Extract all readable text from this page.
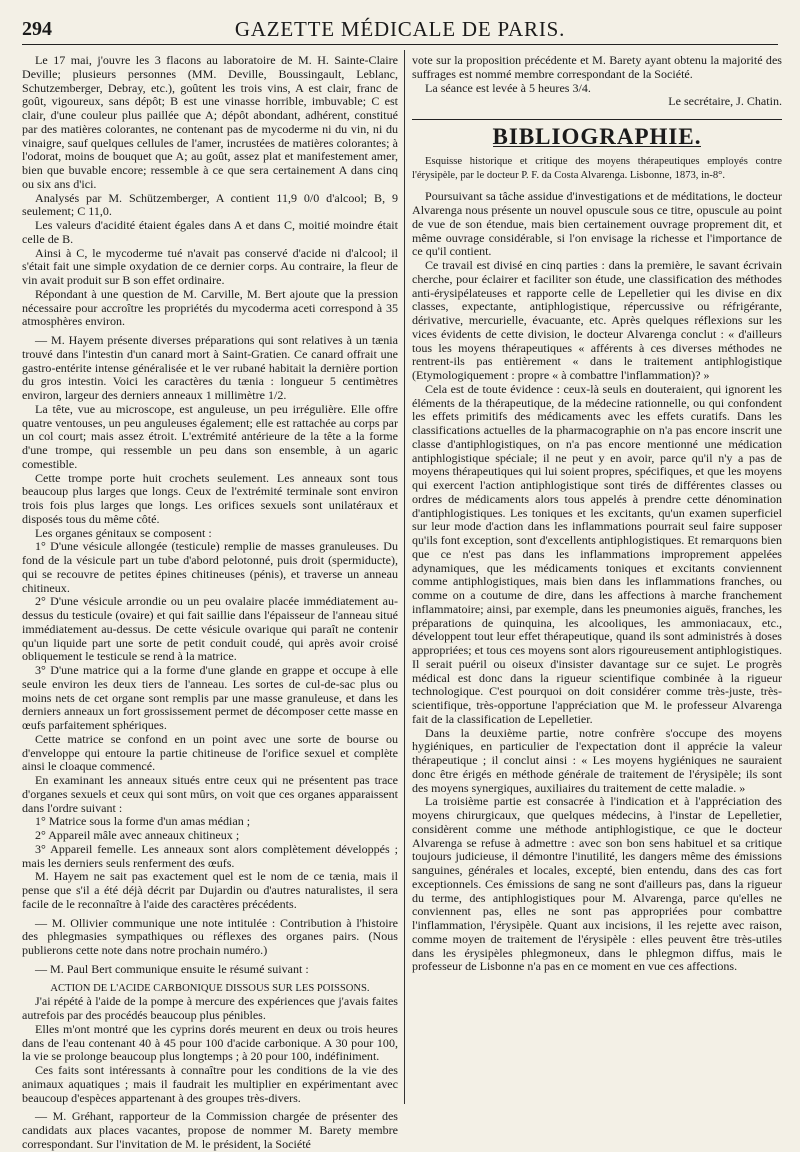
294	GAZETTE MÉDICALE DE PARIS.

Le 17 mai, j'ouvre les 3 flacons au laboratoire de M. H. Sainte-Claire Deville; plusieurs personnes (MM. Deville, Boussingault, Leblanc, Schutzemberger, Debray, etc.), goûtent les trois vins, A est clair, franc de goût, vigoureux, sans dépôt; B est une vinasse horrible, imbuvable; C est clair, d'une couleur plus paillée que A; dépôt abondant, adhérent, constitué par des matières colorantes, ne contenant pas de mycoderme ni du vin, ni du vinaigre, sauf quelques cellules de l'amer, incrustées de matières colorantes; à l'odorat, moins de bouquet que A; au goût, assez plat et manifestement amer, bien que buvable encore; ressemble à ce que sera certainement A dans cinq ou six ans d'ici.

Analysés par M. Schützemberger, A contient 11,9 0/0 d'alcool; B, 9 seulement; C 11,0.

Les valeurs d'acidité étaient égales dans A et dans C, moitié moindre était celle de B.

Ainsi à C, le mycoderme tué n'avait pas conservé d'acide ni d'alcool; il s'était fait une simple oxydation de ce dernier corps. Au contraire, la fleur de vin avait produit sur B son effet ordinaire.

Répondant à une question de M. Carville, M. Bert ajoute que la pression nécessaire pour accroître les propriétés du mycoderma aceti correspond à 35 atmosphères environ.

— M. Hayem présente diverses préparations qui sont relatives à un tænia trouvé dans l'intestin d'un canard mort à Saint-Gratien. Ce canard offrait une gastro-entérite intense généralisée et le ver rubané habitait la dernière portion du gros intestin. Voici les caractères du tænia : longueur 5 centimètres environ, largeur des derniers anneaux 1 millimètre 1/2.

La tête, vue au microscope, est anguleuse, un peu irrégulière. Elle offre quatre ventouses, un peu anguleuses également; elle est rattachée au corps par un col court; mais assez étroit. L'extrémité antérieure de la tête a la forme d'une trompe, qui ressemble un peu dans son ensemble, à un agaric comestible.

Cette trompe porte huit crochets seulement. Les anneaux sont tous beaucoup plus larges que longs. Ceux de l'extrémité terminale sont environ trois fois plus larges que longs. Les orifices sexuels sont unilatéraux et disposés tous du même côté.

Les organes génitaux se composent :

1° D'une vésicule allongée (testicule) remplie de masses granuleuses. Du fond de la vésicule part un tube d'abord pelotonné, puis droit (spermiducte), qui se recouvre de petites épines chitineuses (pénis), et traverse un anneau chitineux.

2° D'une vésicule arrondie ou un peu ovalaire placée immédiatement au-dessus du testicule (ovaire) et qui fait saillie dans l'épaisseur de l'anneau situé immédiatement au-dessus. De cette vésicule ovarique qui paraît ne contenir qu'un liquide part une sorte de petit conduit coudé, qui après avoir croisé obliquement le testicule se rend à la matrice.

3° D'une matrice qui a la forme d'une glande en grappe et occupe à elle seule environ les deux tiers de l'anneau. Les sortes de cul-de-sac plus ou moins nets de cet organe sont remplis par une masse granuleuse, et dans les derniers anneaux un fort grossissement permet de décomposer cette masse en œufs parfaitement sphériques.

Cette matrice se confond en un point avec une sorte de bourse ou d'enveloppe qui entoure la partie chitineuse de l'orifice sexuel et complète ainsi le cloaque commencé.

En examinant les anneaux situés entre ceux qui ne présentent pas trace d'organes sexuels et ceux qui sont mûrs, on voit que ces organes apparaissent dans l'ordre suivant :

1° Matrice sous la forme d'un amas médian ;

2° Appareil mâle avec anneaux chitineux ;

3° Appareil femelle. Les anneaux sont alors complètement développés ; mais les derniers seuls renferment des œufs.

M. Hayem ne sait pas exactement quel est le nom de ce tænia, mais il pense que s'il a été déjà décrit par Dujardin ou d'autres naturalistes, il sera facile de le reconnaître à l'aide des caractères précédents.

— M. Ollivier communique une note intitulée : Contribution à l'histoire des phlegmasies sympathiques ou réflexes des organes pairs. (Nous publierons cette note dans notre prochain numéro.)

— M. Paul Bert communique ensuite le résumé suivant :

ACTION DE L'ACIDE CARBONIQUE DISSOUS SUR LES POISSONS.

J'ai répété à l'aide de la pompe à mercure des expériences que j'avais faites autrefois par des procédés beaucoup plus pénibles.

Elles m'ont montré que les cyprins dorés meurent en deux ou trois heures dans de l'eau contenant 40 à 45 pour 100 d'acide carbonique. A 30 pour 100, la vie se prolonge beaucoup plus longtemps ; à 20 pour 100, indéfiniment.

Ces faits sont intéressants à connaître pour les conditions de la vie des animaux aquatiques ; mais il faudrait les multiplier en expérimentant avec beaucoup d'espèces appartenant à des groupes très-divers.

— M. Gréhant, rapporteur de la Commission chargée de présenter des candidats aux places vacantes, propose de nommer M. Barety membre correspondant. Sur l'invitation de M. le président, la Société

vote sur la proposition précédente et M. Barety ayant obtenu la majorité des suffrages est nommé membre correspondant de la Société.

La séance est levée à 5 heures 3/4.

Le secrétaire, J. Chatin.

BIBLIOGRAPHIE.

Esquisse historique et critique des moyens thérapeutiques employés contre l'érysipèle, par le docteur P. F. da Costa Alvarenga. Lisbonne, 1873, in-8°.

Poursuivant sa tâche assidue d'investigations et de méditations, le docteur Alvarenga nous présente un nouvel opuscule sous ce titre, opuscule au point de vue de son étendue, mais bien certainement ouvrage proprement dit, et même ouvrage considérable, si l'on envisage la richesse et l'importance de ce qu'il contient.

Ce travail est divisé en cinq parties : dans la première, le savant écrivain cherche, pour éclairer et faciliter son étude, une classification des méthodes anti-érysipélateuses et rapporte celle de Lepelletier qui les divise en dix classes, expectante, antiphlogistique, répercussive ou réfrigérante, dérivative, mercurielle, évacuante, etc. Après quelques réflexions sur les vices évidents de cette division, le docteur Alvarenga conclut : « d'ailleurs tous les moyens thérapeutiques « afférents à ces diverses méthodes ne rentrent-ils pas entièrement « dans le traitement antiphlogistique (Etymologiquement : propre « à combattre l'inflammation)? »

Cela est de toute évidence : ceux-là seuls en douteraient, qui ignorent les éléments de la thérapeutique, de la médecine rationnelle, ou qui confondent les effets primitifs des médicaments avec les effets curatifs. Dans les classifications actuelles de la pharmacographie on n'a pas encore inscrit une classe d'antiphlogistiques, on n'a pas encore mentionné une médication antiphlogistique spéciale; il ne peut y en avoir, parce qu'il n'y a pas de moyens thérapeutiques qui lui soient propres, spécifiques, et que les moyens qui exercent l'action antiphlogistique sont tirés de différentes classes ou ordres de médicaments alors tous appelés à prendre cette dénomination d'antiphlogistiques. Les toniques et les excitants, qu'un examen superficiel sur leur mode d'action dans les inflammations pourrait seul faire supposer qu'ils font exception, sont d'excellents antiphlogistiques. Et remarquons bien que ce n'est pas dans les inflammations improprement appelées adynamiques, que les médicaments toniques et excitants conviennent comme antiphlogistiques, mais bien dans les inflammations franches, ou comme on a coutume de dire, dans les affections à marche franchement inflammatoire; ainsi, par exemple, dans les pneumonies aiguës, franches, les préparations de quinquina, les alcooliques, les ammoniacaux, etc., développent tout leur effet thérapeutique, quand ils sont administrés à doses appropriées; et tous ces moyens sont alors rigoureusement antiphlogistiques. Il serait puéril ou oiseux d'insister davantage sur ce sujet. Le progrès médical est donc dans la rigueur scientifique combinée à la rigueur technologique. C'est pourquoi on doit considérer comme très-juste, très-scientifique, très-opportune l'appréciation que M. le professeur Alvarenga fait de la classification de Lepelletier.

Dans la deuxième partie, notre confrère s'occupe des moyens hygiéniques, en particulier de l'expectation dont il apprécie la valeur thérapeutique ; il conclut ainsi : « Les moyens hygiéniques ne sauraient donc être érigés en méthode générale de traitement de l'érysipèle; ils sont des moyens synergiques, auxiliaires du traitement de cette maladie. »

La troisième partie est consacrée à l'indication et à l'appréciation des moyens chirurgicaux, que quelques médecins, à l'instar de Lepelletier, considèrent comme une méthode antiphlogistique, ce que le docteur Alvarenga se refuse à admettre : avec son bon sens habituel et sa critique toujours judicieuse, il démontre l'inutilité, les dangers même des émissions sanguines, générales et locales, excepté, bien entendu, dans des cas fort exceptionnels. Ces émissions de sang ne sont d'ailleurs pas, dans la rigueur du terme, des antiphlogistiques pour M. Alvarenga, parce qu'elles ne conviennent pas, elles ne sont pas appropriées pour combattre l'inflammation, l'érysipèle. Quant aux incisions, il les rejette avec raison, comme moyen de traitement de l'érysipèle : elles peuvent être très-utiles dans les érysipèles phlegmoneux, dans le phlegmon diffus, mais le professeur de Lisbonne n'a pas en ce moment en vue ces affections.
